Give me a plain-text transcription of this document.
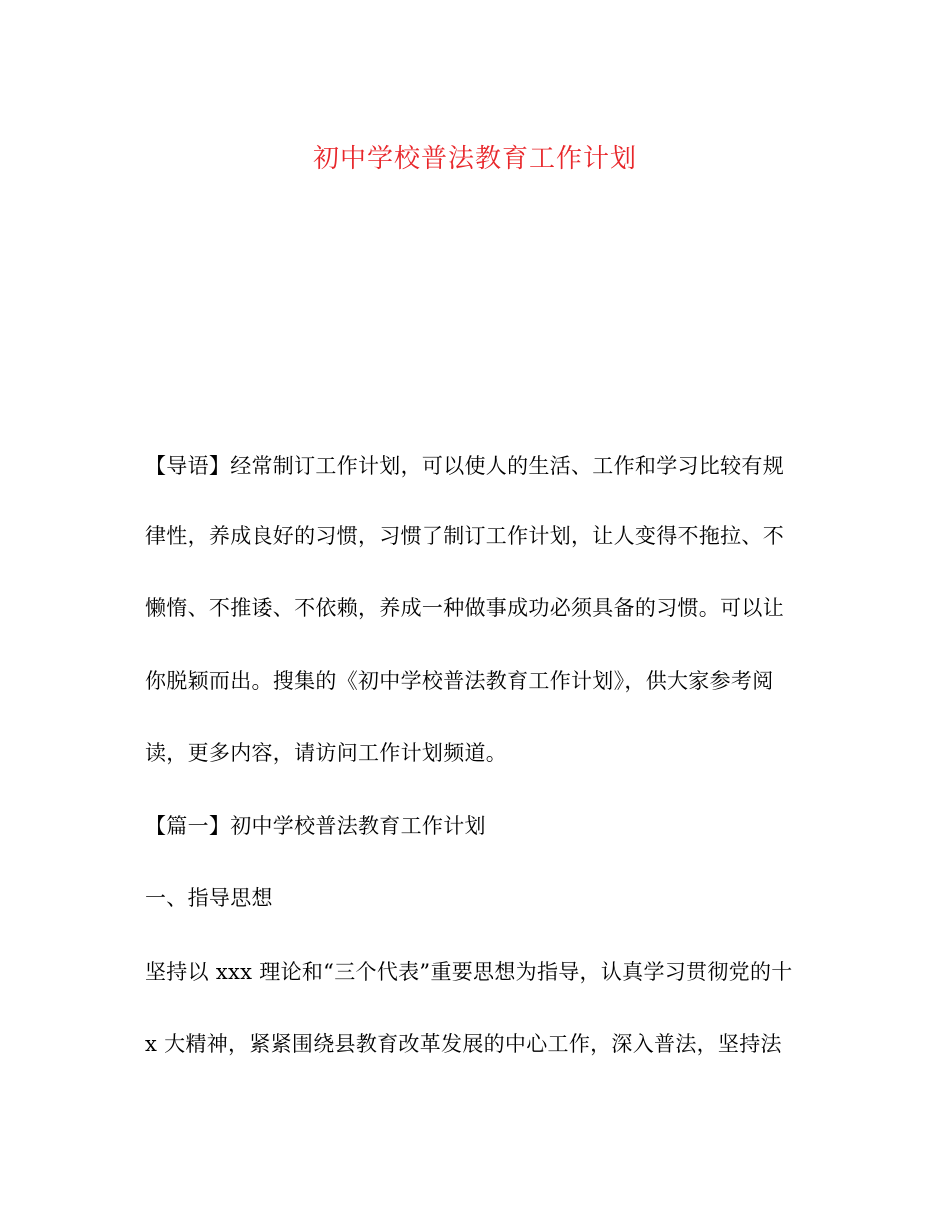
初中学校普法教育工作计划
【导语】经常制订工作计划，可以使人的生活、工作和学习比较有规
律性，养成良好的习惯，习惯了制订工作计划，让人变得不拖拉、不
懒惰、不推诿、不依赖，养成一种做事成功必须具备的习惯。可以让
你脱颖而出。搜集的《初中学校普法教育工作计划》，供大家参考阅
读，更多内容，请访问工作计划频道。
【篇一】初中学校普法教育工作计划
一、指导思想
坚持以 xxx 理论和“三个代表”重要思想为指导，认真学习贯彻党的十
x 大精神，紧紧围绕县教育改革发展的中心工作，深入普法，坚持法
